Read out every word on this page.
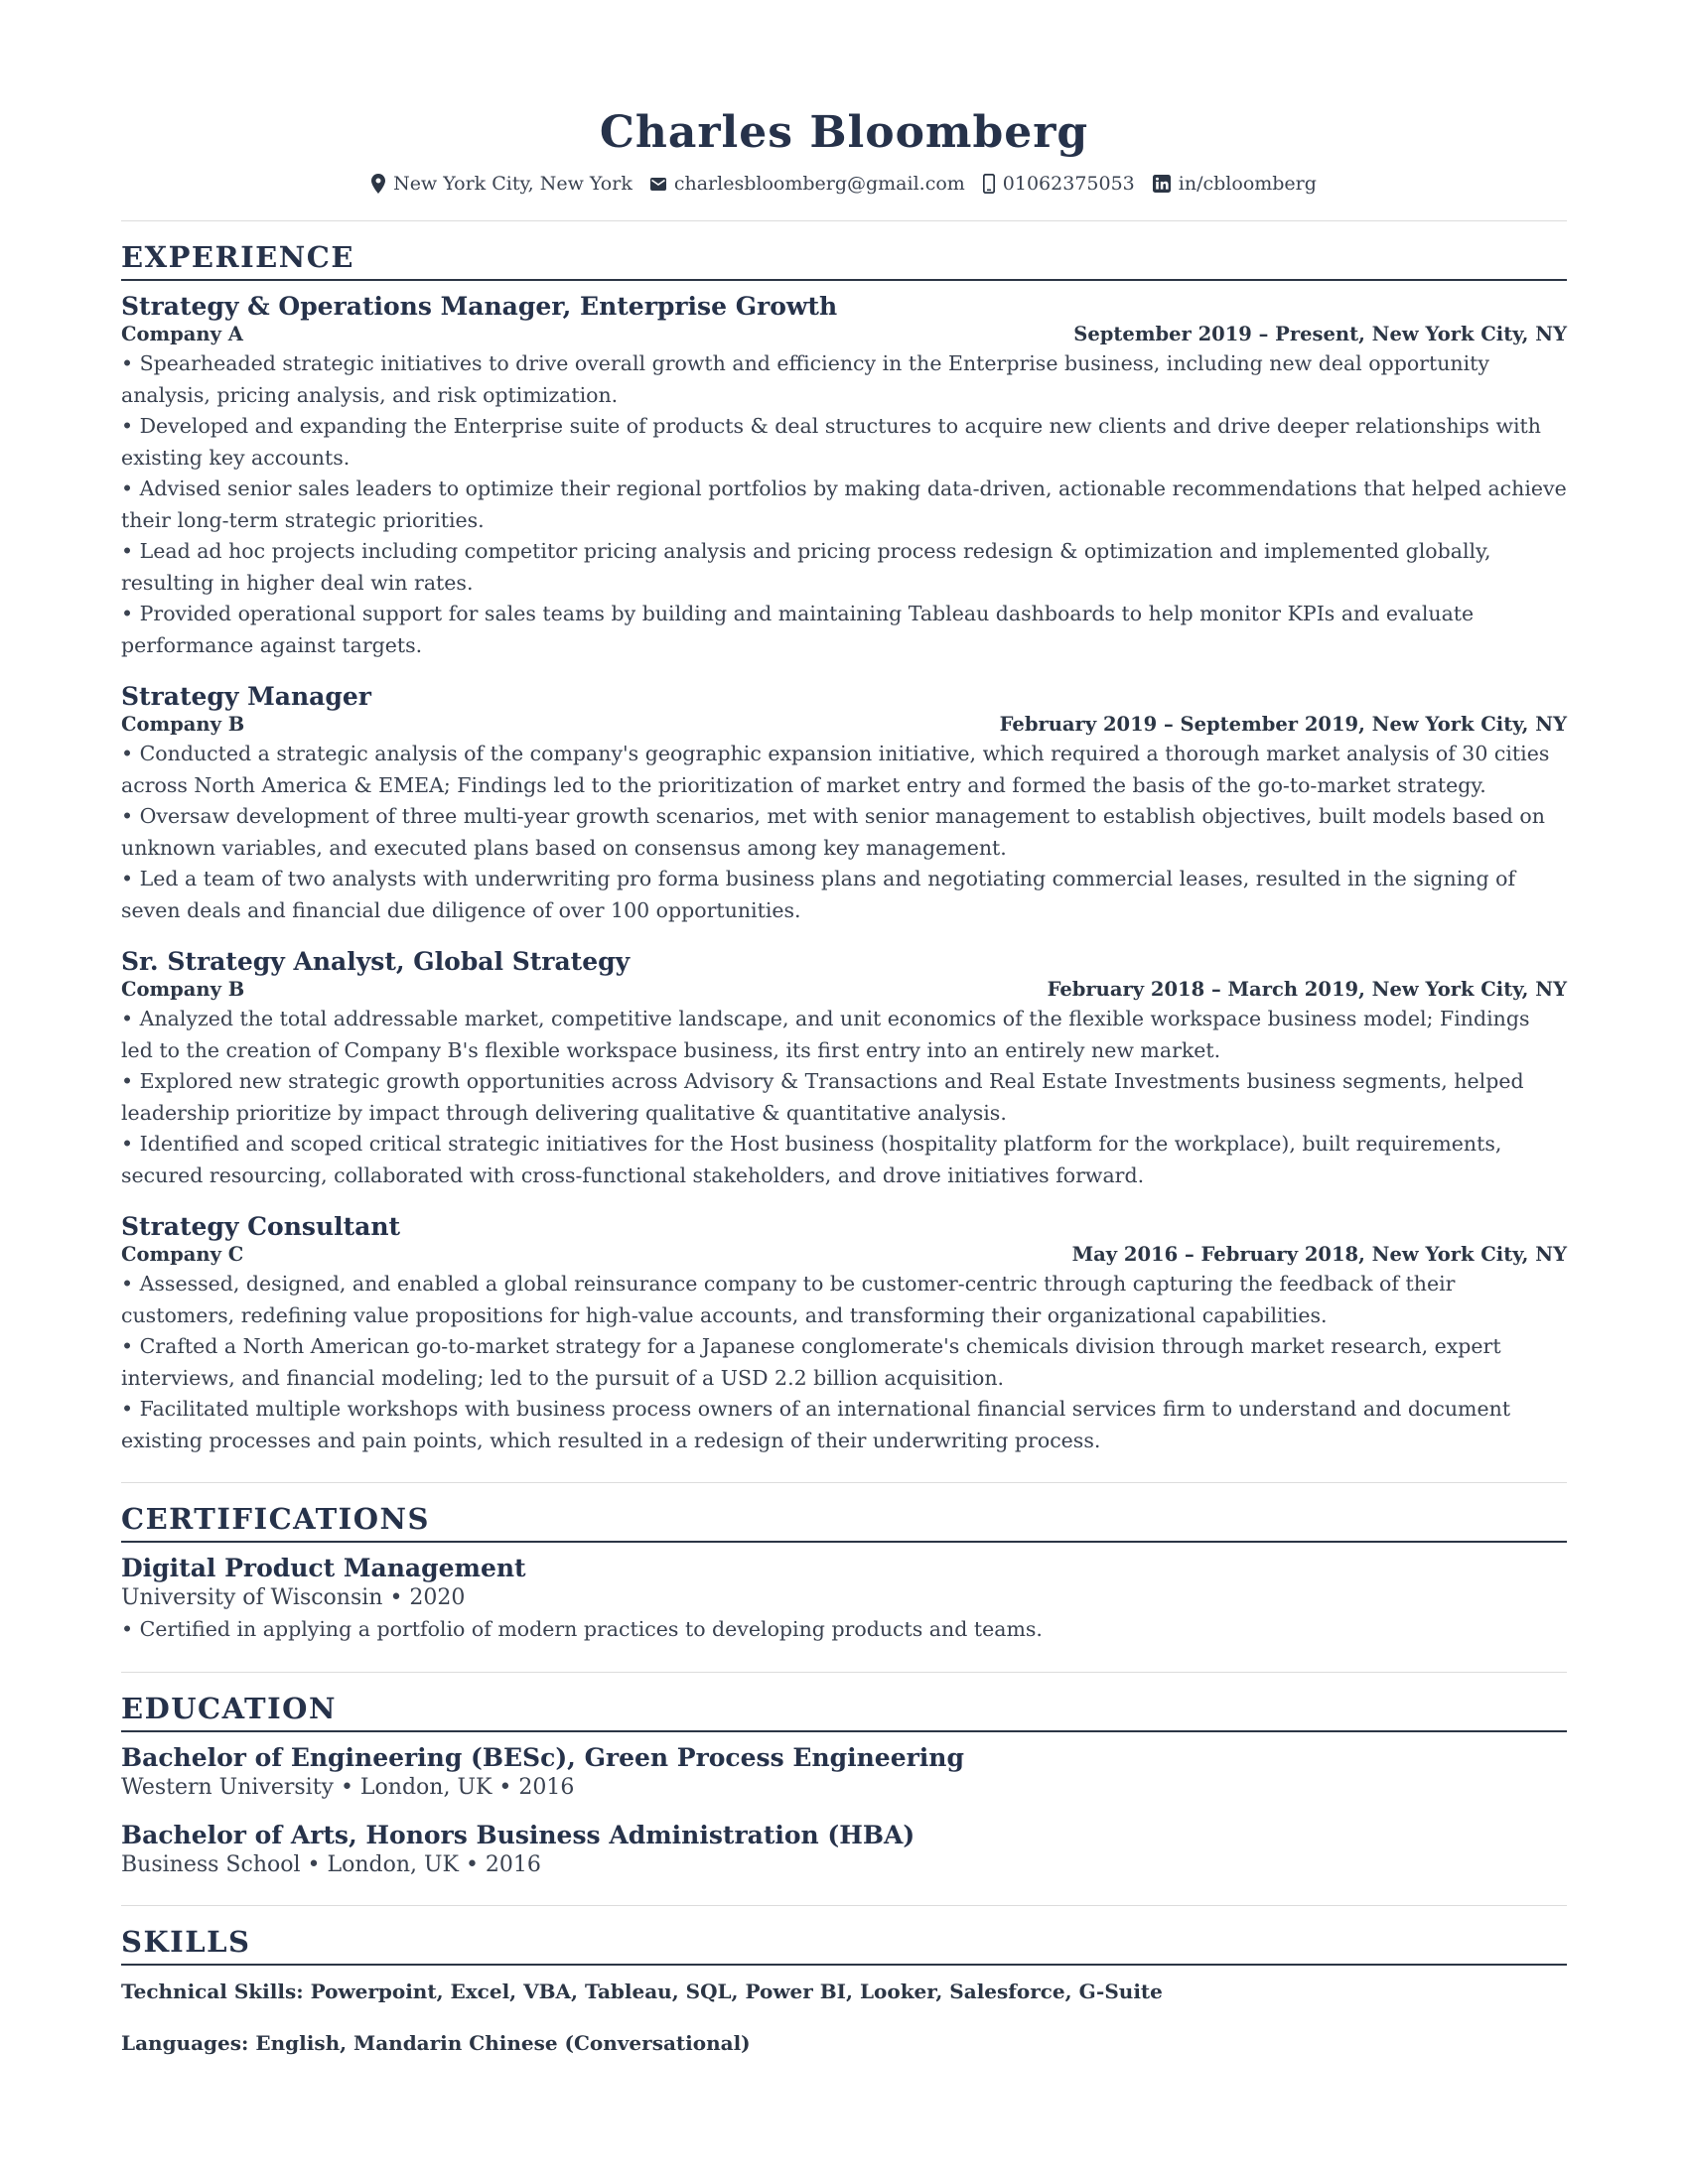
Charles Bloomberg
New York City, New York charlesbloomberg@gmail.com 01062375053 in/cbloomberg
EXPERIENCE
Strategy & Operations Manager, Enterprise Growth
Company A	September 2019 – Present, New York City, NY
• Spearheaded strategic initiatives to drive overall growth and efficiency in the Enterprise business, including new deal opportunity analysis, pricing analysis, and risk optimization.
• Developed and expanding the Enterprise suite of products & deal structures to acquire new clients and drive deeper relationships with existing key accounts.
• Advised senior sales leaders to optimize their regional portfolios by making data-driven, actionable recommendations that helped achieve their long-term strategic priorities.
• Lead ad hoc projects including competitor pricing analysis and pricing process redesign & optimization and implemented globally, resulting in higher deal win rates.
• Provided operational support for sales teams by building and maintaining Tableau dashboards to help monitor KPIs and evaluate performance against targets.
Strategy Manager
Company B	February 2019 – September 2019, New York City, NY
• Conducted a strategic analysis of the company's geographic expansion initiative, which required a thorough market analysis of 30 cities across North America & EMEA; Findings led to the prioritization of market entry and formed the basis of the go-to-market strategy.
• Oversaw development of three multi-year growth scenarios, met with senior management to establish objectives, built models based on unknown variables, and executed plans based on consensus among key management.
• Led a team of two analysts with underwriting pro forma business plans and negotiating commercial leases, resulted in the signing of seven deals and financial due diligence of over 100 opportunities.
Sr. Strategy Analyst, Global Strategy
Company B	February 2018 – March 2019, New York City, NY
• Analyzed the total addressable market, competitive landscape, and unit economics of the flexible workspace business model; Findings led to the creation of Company B's flexible workspace business, its first entry into an entirely new market.
• Explored new strategic growth opportunities across Advisory & Transactions and Real Estate Investments business segments, helped leadership prioritize by impact through delivering qualitative & quantitative analysis.
• Identified and scoped critical strategic initiatives for the Host business (hospitality platform for the workplace), built requirements, secured resourcing, collaborated with cross-functional stakeholders, and drove initiatives forward.
Strategy Consultant
Company C	May 2016 – February 2018, New York City, NY
• Assessed, designed, and enabled a global reinsurance company to be customer-centric through capturing the feedback of their customers, redefining value propositions for high-value accounts, and transforming their organizational capabilities.
• Crafted a North American go-to-market strategy for a Japanese conglomerate's chemicals division through market research, expert interviews, and financial modeling; led to the pursuit of a USD 2.2 billion acquisition.
• Facilitated multiple workshops with business process owners of an international financial services firm to understand and document existing processes and pain points, which resulted in a redesign of their underwriting process.
CERTIFICATIONS
Digital Product Management
University of Wisconsin • 2020
• Certified in applying a portfolio of modern practices to developing products and teams.
EDUCATION
Bachelor of Engineering (BESc), Green Process Engineering
Western University • London, UK • 2016
Bachelor of Arts, Honors Business Administration (HBA)
Business School • London, UK • 2016
SKILLS
Technical Skills: Powerpoint, Excel, VBA, Tableau, SQL, Power BI, Looker, Salesforce, G-Suite
Languages: English, Mandarin Chinese (Conversational)
